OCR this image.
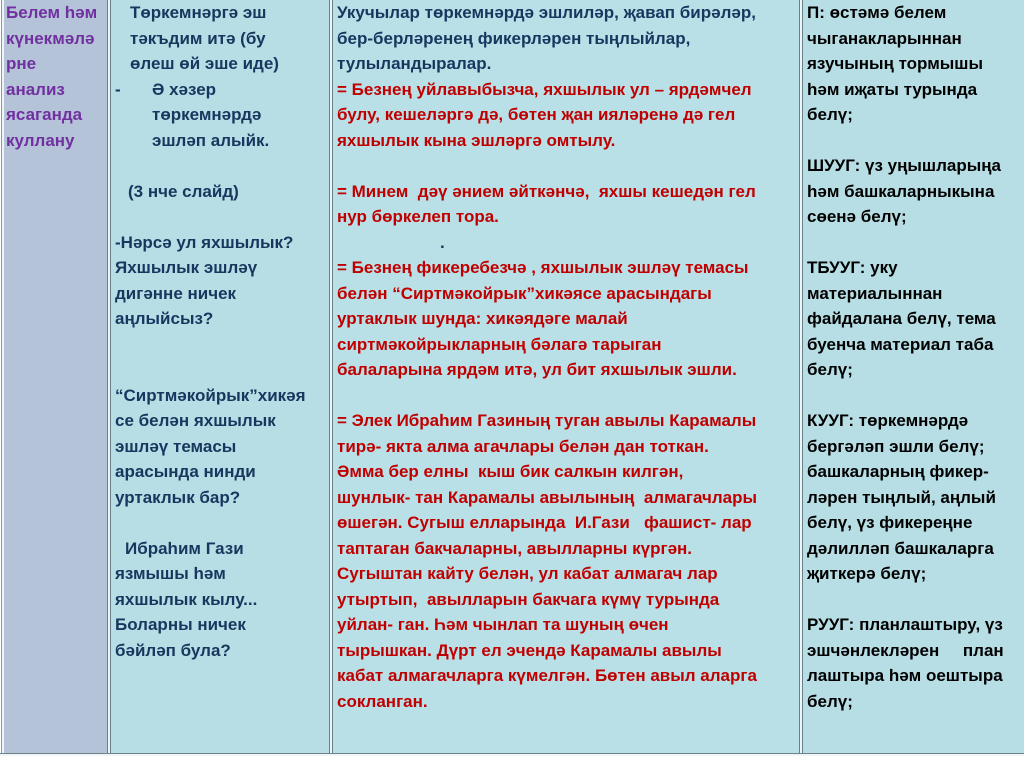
Белем һәм
күнекмәлә
рне
анализ
ясаганда
куллану
Төркемнәргә эш
тәкъдим итә (бу
өлеш өй эше иде)

-

Ә хәзер

төркемнәрдә
эшләп алыйк.
(3 нче слайд)
-Нәрсә ул яхшылык?
Яхшылык эшләү
дигәнне ничек
аңлыйсыз?
“Сиртмәкойрык”хикәя
се белән яхшылык
эшләү темасы
арасында нинди
уртаклык бар?
Ибраһим Гази
язмышы һәм
яхшылык кылу...
Боларны ничек
бәйләп була?
Укучылар төркемнәрдә эшлиләр, җавап бирәләр,
бер-берләренең фикерләрен тыңлыйлар,
тулыландыралар.
= Безнең уйлавыбызча, яхшылык ул – ярдәмчел
булу, кешеләргә дә, бөтен җан ияләренә дә гел
яхшылык кына эшләргә омтылу.
= Минем  дәү әнием әйткәнчә,  яхшы кешедән гел
нур бөркелеп тора.
.
= Безнең фикеребезчә , яхшылык эшләү темасы
белән “Сиртмәкойрык”хикәясе арасындагы
уртаклык шунда: хикәядәге малай
сиртмәкойрыкларның бәлагә тарыган
балаларына ярдәм итә, ул бит яхшылык эшли.
= Элек Ибраһим Газиның туган авылы Карамалы
тирә- якта алма агачлары белән дан тоткан.
Әмма бер елны  кыш бик салкын килгән,
шунлык- тан Карамалы авылының  алмагачлары
өшегән. Сугыш елларында  И.Гази   фашист- лар
таптаган бакчаларны, авылларны күргән.
Сугыштан кайту белән, ул кабат алмагач лар
утыртып,  авылларын бакчага күмү турында
уйлан- ган. Һәм чынлап та шуның өчен
тырышкан. Дүрт ел эчендә Карамалы авылы
кабат алмагачларга күмелгән. Бөтен авыл аларга
сокланган.
П: өстәмә белем
чыганакларыннан
язучының тормышы
һәм иҗаты турында
белү;
ШУУГ: үз уңышларыңа
һәм башкаларныкына
сөенә белү;
ТБУУГ: уку
материалыннан
файдалана белү, тема
буенча материал таба
белү;
КУУГ: төркемнәрдә
бергәләп эшли белү;
башкаларның фикер-
ләрен тыңлый, аңлый
белү, үз фикереңне
дәлилләп башкаларга
җиткерә белү;
РУУГ: планлаштыру, үз
эшчәнлекләрен     план
лаштыра һәм оештыра
белү;
